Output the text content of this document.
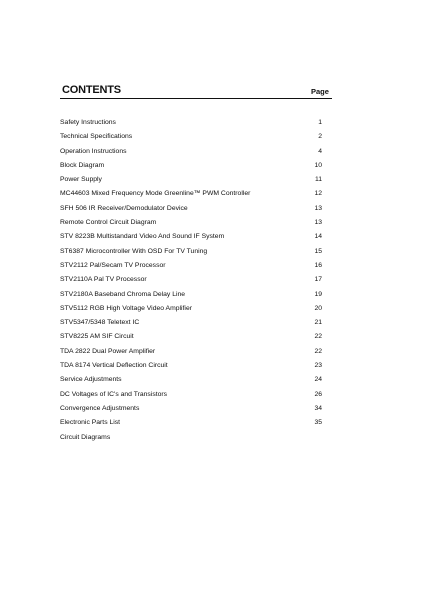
CONTENTS	Page
Safety Instructions	1
Technical Specifications	2
Operation Instructions	4
Block Diagram	10
Power Supply	11
MC44603 Mixed Frequency Mode Greenline™ PWM Controller	12
SFH 506 IR Receiver/Demodulator Device	13
Remote Control Circuit Diagram	13
STV 8223B Multistandard Video And Sound IF System	14
ST6387 Microcontroller With OSD For TV Tuning	15
STV2112 Pal/Secam TV Processor	16
STV2110A Pal TV Processor	17
STV2180A Baseband Chroma Delay Line	19
STV5112 RGB High Voltage Video Amplifier	20
STV5347/5348 Teletext IC	21
STV8225 AM SIF Circuit	22
TDA 2822 Dual Power Amplifier	22
TDA 8174 Vertical Deflection Circuit	23
Service Adjustments	24
DC Voltages of IC's and Transistors	26
Convergence Adjustments	34
Electronic Parts List	35
Circuit Diagrams
